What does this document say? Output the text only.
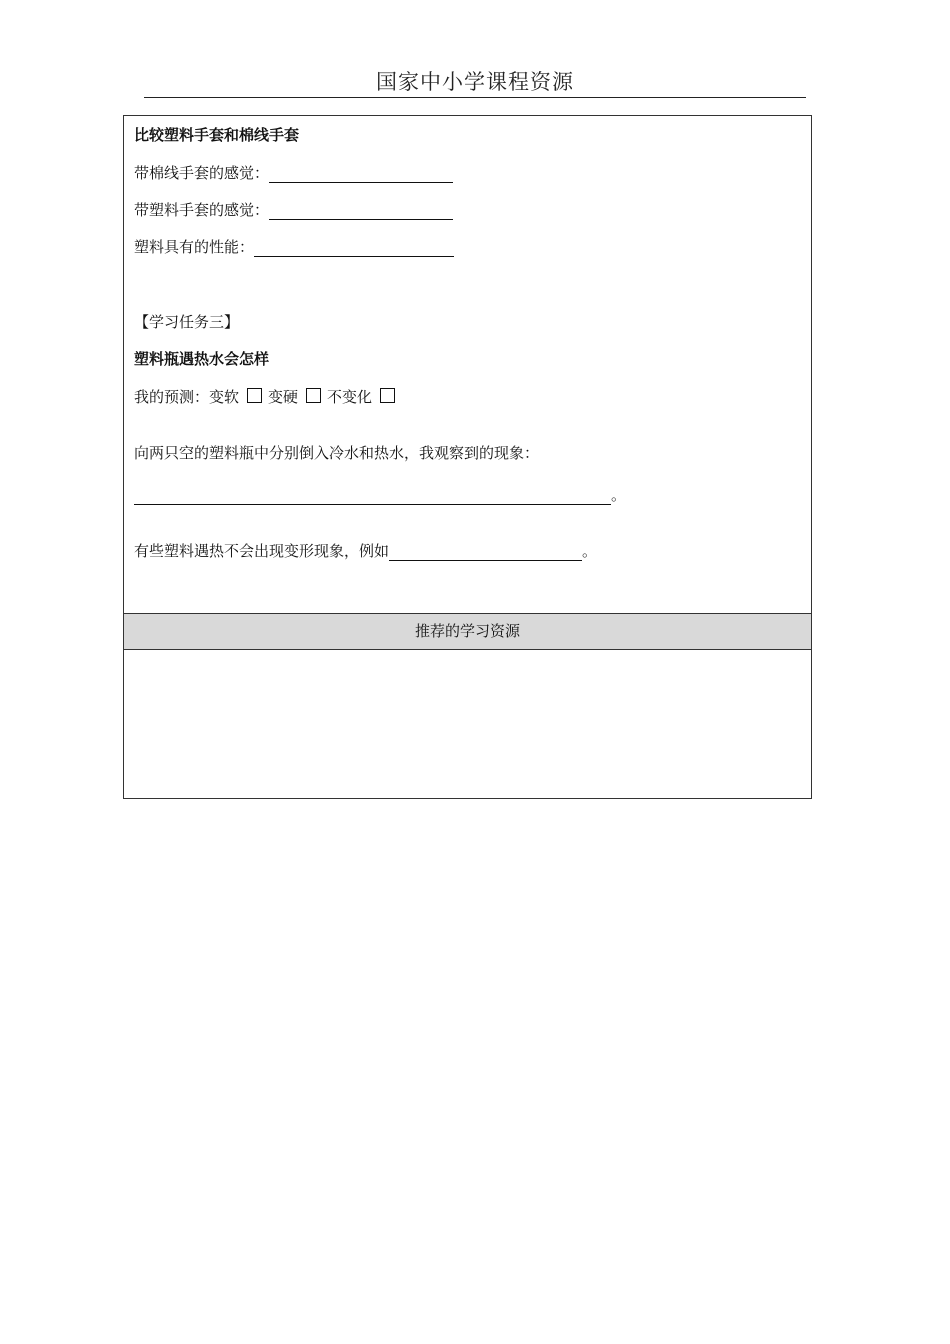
国家中小学课程资源
比较塑料手套和棉线手套
带棉线手套的感觉：
带塑料手套的感觉：
塑料具有的性能：
【学习任务三】
塑料瓶遇热水会怎样
我的预测：变软 变硬 不变化
向两只空的塑料瓶中分别倒入冷水和热水，我观察到的现象：
。
有些塑料遇热不会出现变形现象，例如	。
推荐的学习资源
